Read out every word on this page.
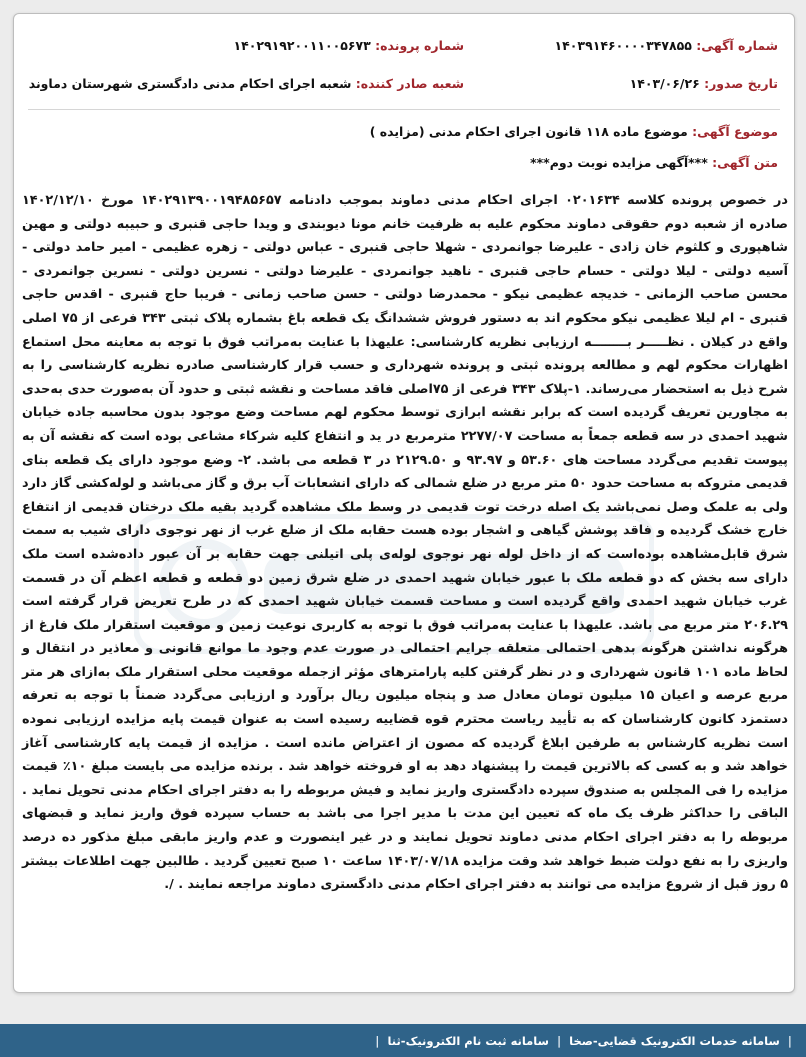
شماره آگهی: ۱۴۰۳۹۱۴۶۰۰۰۰۳۴۷۸۵۵
شماره پرونده: ۱۴۰۲۹۱۹۲۰۰۱۱۰۰۵۶۷۳
تاریخ صدور: ۱۴۰۳/۰۶/۲۶
شعبه صادر کننده: شعبه اجرای احکام مدنی دادگستری شهرستان دماوند
موضوع آگهی: موضوع ماده ۱۱۸ قانون اجرای احکام مدنی (مزایده )
متن آگهی: ***آگهی مزایده نوبت دوم***

در خصوص پرونده کلاسه ۰۲۰۱۶۳۴ اجرای احکام مدنی دماوند بموجب دادنامه ۱۴۰۲۹۱۳۹۰۰۱۹۴۸۵۶۵۷ مورخ ۱۴۰۲/۱۲/۱۰ صادره از شعبه دوم حقوقی دماوند محکوم علیه به ظرفیت خانم مونا دیوبندی و ویدا حاجی قنبری و حبیبه دولتی و مهین شاهپوری و کلثوم خان زادی - علیرضا جوانمردی - شهلا حاجی قنبری - عباس دولتی - زهره عظیمی - امیر حامد دولتی - آسیه دولتی - لیلا دولتی - حسام حاجی قنبری - ناهید جوانمردی - علیرضا دولتی - نسرین دولتی - نسرین جوانمردی - محسن صاحب الزمانی - خدیجه عظیمی نیکو - محمدرضا دولتی - حسن صاحب زمانی - فریبا حاج قنبری - اقدس حاجی قنبری - ام لیلا عظیمی نیکو محکوم اند به دستور فروش ششدانگ یک قطعه باغ بشماره پلاک ثبتی ۳۴۳ فرعی از ۷۵ اصلی واقع در کیلان . نظـــــر بــــــــه ارزیابی نظریه کارشناسی: علیهذا با عنایت به‌مراتب فوق با توجه به معاینه محل استماع اظهارات محکوم لهم و مطالعه پرونده ثبتی و پرونده شهرداری و حسب قرار کارشناسی صادره نظریه کارشناسی را به شرح ذیل به استحضار می‌رساند. ۱-پلاک ۳۴۳ فرعی از ۷۵اصلی فاقد مساحت و نقشه ثبتی و حدود آن به‌صورت حدی به‌حدی به مجاورین تعریف گردیده است که برابر نقشه ابرازی توسط محکوم لهم مساحت وضع موجود بدون محاسبه جاده خیابان شهید احمدی در سه قطعه جمعاً به مساحت ۲۲۷۷/۰۷ مترمربع در ید و انتفاع کلیه شرکاء مشاعی بوده است که نقشه آن به پیوست تقدیم می‌گردد مساحت های ۵۳.۶۰ و ۹۳.۹۷ و ۲۱۲۹.۵۰ در ۳ قطعه می باشد. ۲- وضع موجود دارای یک قطعه بنای قدیمی متروکه به مساحت حدود ۵۰ متر مربع در ضلع شمالی که دارای انشعابات آب برق و گاز می‌باشد و لوله‌کشی گاز دارد ولی به علمک وصل نمی‌باشد یک اصله درخت توت قدیمی در وسط ملک مشاهده گردید بقیه ملک درختان قدیمی از انتفاع خارج خشک گردیده و فاقد پوشش گیاهی و اشجار بوده هست حقابه ملک از ضلع غرب از نهر نوجوی دارای شیب به سمت شرق قابل‌مشاهده بوده‌است که از داخل لوله نهر نوجوی لوله‌ی پلی اتیلنی جهت حقابه بر آن عبور داده‌شده است ملک دارای سه بخش که دو قطعه ملک با عبور خیابان شهید احمدی در ضلع شرق زمین دو قطعه و قطعه اعظم آن در قسمت غرب خیابان شهید احمدی واقع گردیده است و مساحت قسمت خیابان شهید احمدی که در طرح تعریض قرار گرفته است ۲۰۶.۲۹ متر مربع می باشد. علیهذا با عنایت به‌مراتب فوق با توجه به کاربری نوعیت زمین و موقعیت استقرار ملک فارغ از هرگونه نداشتن هرگونه بدهی احتمالی متعلقه جرایم احتمالی در صورت عدم وجود ما موانع قانونی و معاذیر در انتقال و لحاظ ماده ۱۰۱ قانون شهرداری و در نظر گرفتن کلیه پارامترهای مؤثر ازجمله موقعیت محلی استقرار ملک به‌ازای هر متر مربع عرصه و اعیان ۱۵ میلیون تومان معادل صد و پنجاه میلیون ریال برآورد و ارزیابی می‌گردد ضمناً با توجه به تعرفه دستمزد کانون کارشناسان که به تأیید ریاست محترم قوه قضاییه رسیده است به عنوان قیمت پایه مزایده ارزیابی نموده است نظریه کارشناس به طرفین ابلاغ گردیده که مصون از اعتراض مانده است . مزایده از قیمت پایه کارشناسی آغاز خواهد شد و به کسی که بالاترین قیمت را پیشنهاد دهد به او فروخته خواهد شد . برنده مزایده می بایست مبلغ ۱۰٪ قیمت مزایده را فی المجلس به صندوق سپرده دادگستری واریز نماید و فیش مربوطه را به دفتر اجرای احکام مدنی تحویل نماید . الباقی را حداکثر ظرف یک ماه که تعیین این مدت با مدیر اجرا می باشد به حساب سپرده فوق واریز نماید و قبضهای مربوطه را به دفتر اجرای احکام مدنی دماوند تحویل نمایند و در غیر اینصورت و عدم واریز مابقی مبلغ مذکور ده درصد واریزی را به نفع دولت ضبط خواهد شد وقت مزایده ۱۴۰۳/۰۷/۱۸ ساعت ۱۰ صبح تعیین گردید . طالبین جهت اطلاعات بیشتر ۵ روز قبل از شروع مزایده می توانند به دفتر اجرای احکام مدنی دادگستری دماوند مراجعه نمایند . /.

|
سامانه خدمات الکترونیک قضایی-صخا
|
سامانه ثبت نام الکترونیک-ثنا
|
